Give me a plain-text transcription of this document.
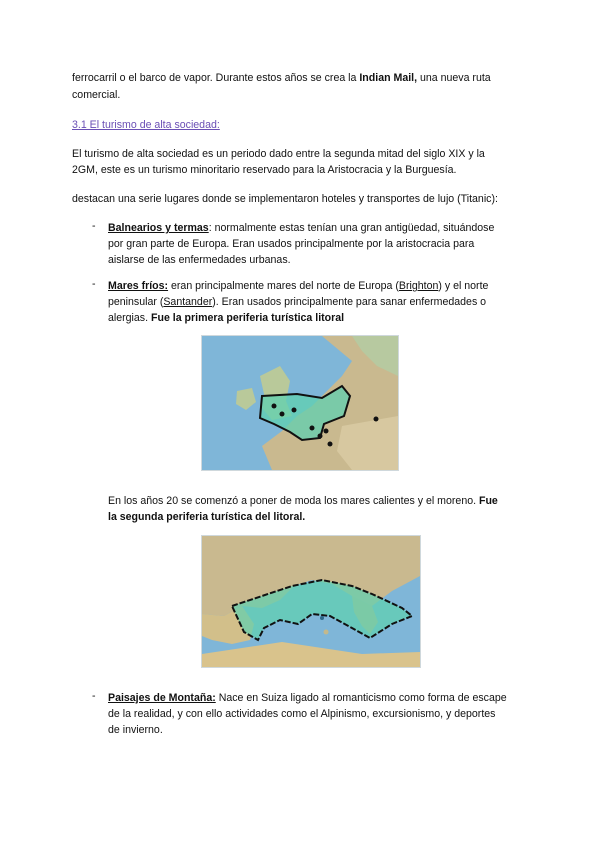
ferrocarril o el barco de vapor. Durante estos años se crea la Indian Mail, una nueva ruta

comercial.

3.1 El turismo de alta sociedad:

El turismo de alta sociedad es un periodo dado entre la segunda mitad del siglo XIX y la

2GM, este es un turismo minoritario reservado para la Aristocracia y la Burguesía.

destacan una serie lugares donde se implementaron hoteles y transportes de lujo (Titanic):

- Balnearios y termas: normalmente estas tenían una gran antigüedad, situándose

por gran parte de Europa. Eran usados principalmente por la aristocracia para

aislarse de las enfermedades urbanas.

- Mares fríos: eran principalmente mares del norte de Europa (Brighton) y el norte

peninsular (Santander). Eran usados principalmente para sanar enfermedades o

alergias. Fue la primera periferia turística litoral

En los años 20 se comenzó a poner de moda los mares calientes y el moreno. Fue

la segunda periferia turística del litoral.

- Paisajes de Montaña: Nace en Suiza ligado al romanticismo como forma de escape

de la realidad, y con ello actividades como el Alpinismo, excursionismo, y deportes

de invierno.
